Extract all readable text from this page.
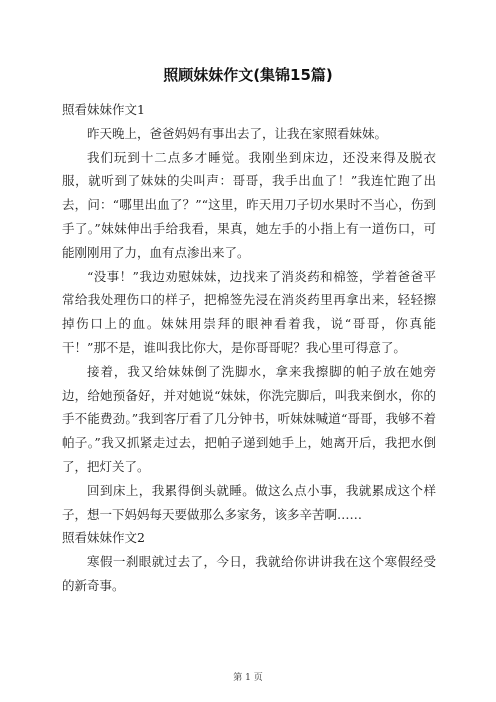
照顾妹妹作文(集锦15篇)

照看妹妹作文1

昨天晚上，爸爸妈妈有事出去了，让我在家照看妹妹。

我们玩到十二点多才睡觉。我刚坐到床边，还没来得及脱衣服，就听到了妹妹的尖叫声：哥哥，我手出血了！”我连忙跑了出去，问：“哪里出血了？”“这里，昨天用刀子切水果时不当心，伤到手了。”妹妹伸出手给我看，果真，她左手的小指上有一道伤口，可能刚刚用了力，血有点渗出来了。

“没事！”我边劝慰妹妹，边找来了消炎药和棉签，学着爸爸平常给我处理伤口的样子，把棉签先浸在消炎药里再拿出来，轻轻擦掉伤口上的血。妹妹用崇拜的眼神看着我，说“哥哥，你真能干！”那不是，谁叫我比你大，是你哥哥呢？我心里可得意了。

接着，我又给妹妹倒了洗脚水，拿来我擦脚的帕子放在她旁边，给她预备好，并对她说“妹妹，你洗完脚后，叫我来倒水，你的手不能费劲。”我到客厅看了几分钟书，听妹妹喊道“哥哥，我够不着帕子。”我又抓紧走过去，把帕子递到她手上，她离开后，我把水倒了，把灯关了。

回到床上，我累得倒头就睡。做这么点小事，我就累成这个样子，想一下妈妈每天要做那么多家务，该多辛苦啊……

照看妹妹作文2

寒假一刹眼就过去了，今日，我就给你讲讲我在这个寒假经受的新奇事。

第 1 页
